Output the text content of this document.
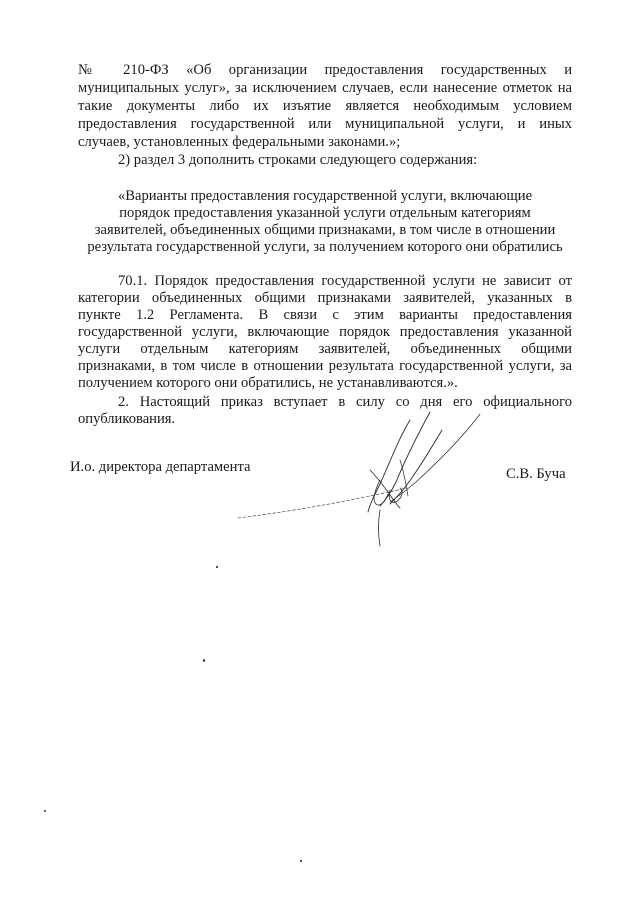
№ 210-ФЗ «Об организации предоставления государственных и
муниципальных услуг», за исключением случаев, если нанесение отметок на
такие документы либо их изъятие является необходимым условием
предоставления государственной или муниципальной услуги, и иных
случаев, установленных федеральными законами.»;
2) раздел 3 дополнить строками следующего содержания:
«Варианты предоставления государственной услуги, включающие
порядок предоставления указанной услуги отдельным категориям
заявителей, объединенных общими признаками, в том числе в отношении
результата государственной услуги, за получением которого они обратились
70.1. Порядок предоставления государственной услуги не зависит от
категории объединенных общими признаками заявителей, указанных в
пункте 1.2 Регламента. В связи с этим варианты предоставления
государственной услуги, включающие порядок предоставления указанной
услуги отдельным категориям заявителей, объединенных общими
признаками, в том числе в отношении результата государственной услуги, за
получением которого они обратились, не устанавливаются.».
2. Настоящий приказ вступает в силу со дня его официального
опубликования.
И.о. директора департамента	С.В. Буча
